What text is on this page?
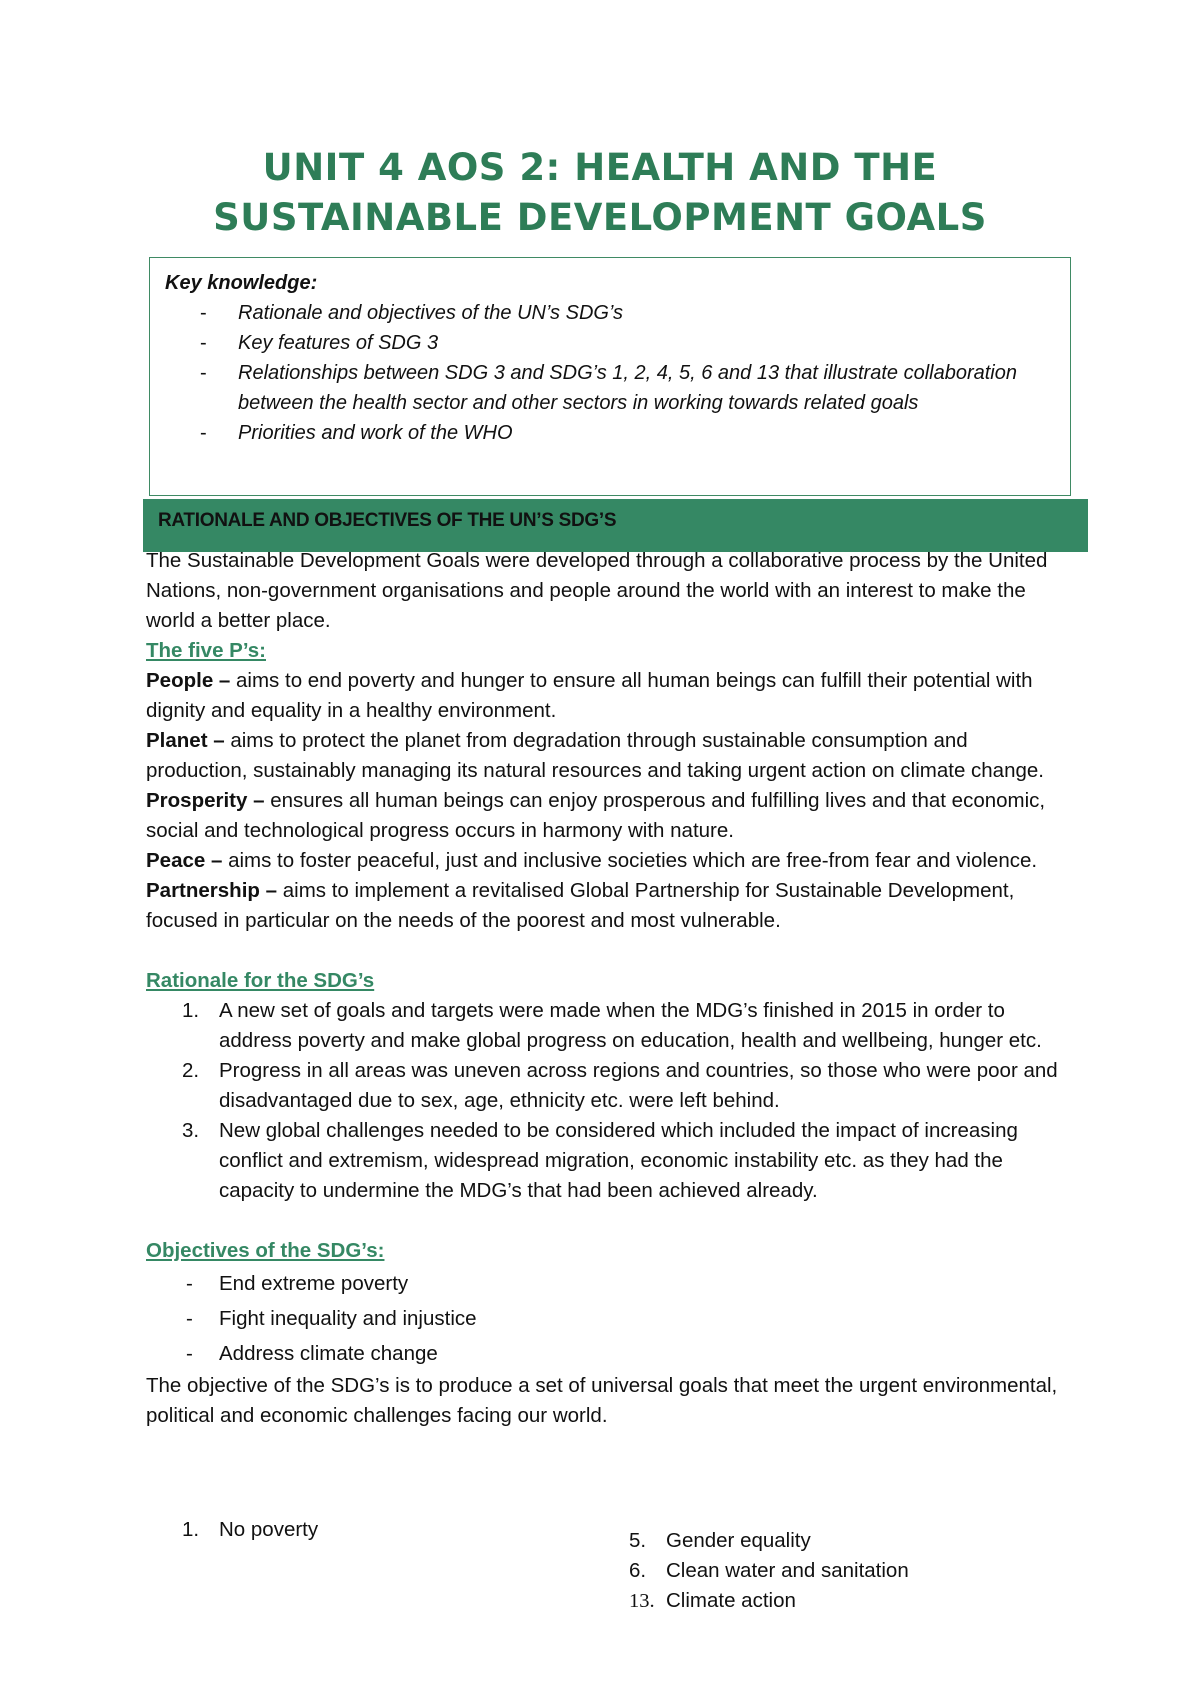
UNIT 4 AOS 2: HEALTH AND THE
SUSTAINABLE DEVELOPMENT GOALS
Key knowledge:
- Rationale and objectives of the UN’s SDG’s
- Key features of SDG 3
- Relationships between SDG 3 and SDG’s 1, 2, 4, 5, 6 and 13 that illustrate collaboration between the health sector and other sectors in working towards related goals
- Priorities and work of the WHO
RATIONALE AND OBJECTIVES OF THE UN’S SDG’S
The Sustainable Development Goals were developed through a collaborative process by the United Nations, non-government organisations and people around the world with an interest to make the world a better place.
The five P’s:
People – aims to end poverty and hunger to ensure all human beings can fulfill their potential with dignity and equality in a healthy environment.
Planet – aims to protect the planet from degradation through sustainable consumption and production, sustainably managing its natural resources and taking urgent action on climate change.
Prosperity – ensures all human beings can enjoy prosperous and fulfilling lives and that economic, social and technological progress occurs in harmony with nature.
Peace – aims to foster peaceful, just and inclusive societies which are free-from fear and violence.
Partnership – aims to implement a revitalised Global Partnership for Sustainable Development, focused in particular on the needs of the poorest and most vulnerable.
Rationale for the SDG’s
1. A new set of goals and targets were made when the MDG’s finished in 2015 in order to address poverty and make global progress on education, health and wellbeing, hunger etc.
2. Progress in all areas was uneven across regions and countries, so those who were poor and disadvantaged due to sex, age, ethnicity etc. were left behind.
3. New global challenges needed to be considered which included the impact of increasing conflict and extremism, widespread migration, economic instability etc. as they had the capacity to undermine the MDG’s that had been achieved already.
Objectives of the SDG’s:
- End extreme poverty
- Fight inequality and injustice
- Address climate change
The objective of the SDG’s is to produce a set of universal goals that meet the urgent environmental, political and economic challenges facing our world.
1. No poverty	5. Gender equality
6. Clean water and sanitation
13. Climate action
